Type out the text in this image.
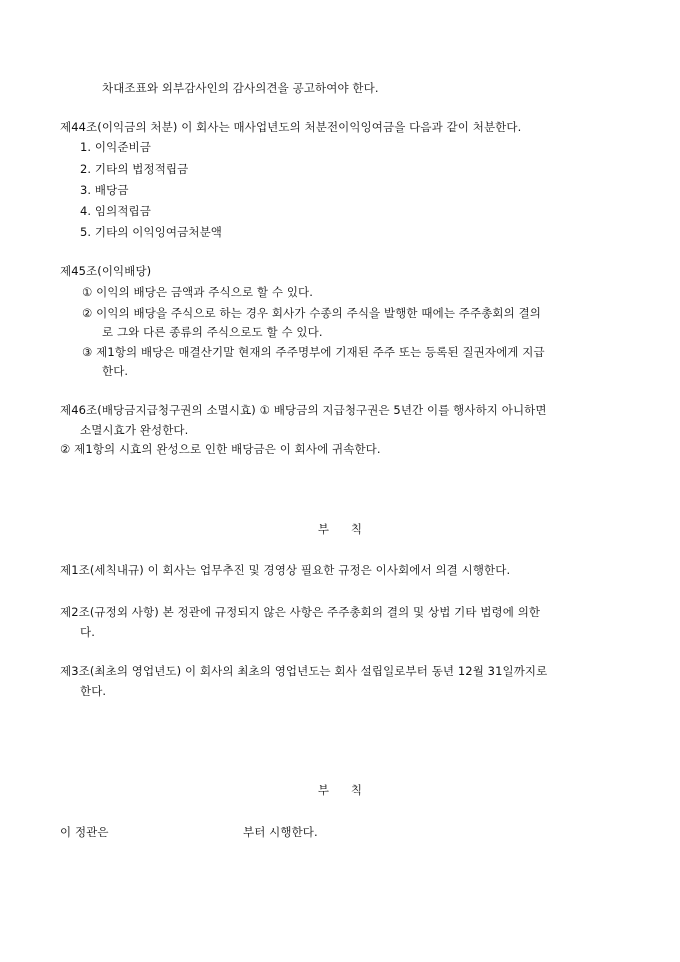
차대조표와 외부감사인의 감사의견을 공고하여야 한다.
제44조(이익금의 처분) 이 회사는 매사업년도의 처분전이익잉여금을 다음과 같이 처분한다.
1. 이익준비금
2. 기타의 법정적립금
3. 배당금
4. 임의적립금
5. 기타의 이익잉여금처분액
제45조(이익배당)
① 이익의 배당은 금액과 주식으로 할 수 있다.
② 이익의 배당을 주식으로 하는 경우 회사가 수종의 주식을 발행한 때에는 주주총회의 결의
로 그와 다른 종류의 주식으로도 할 수 있다.
③ 제1항의 배당은 매결산기말 현재의 주주명부에 기재된 주주 또는 등록된 질권자에게 지급
한다.
제46조(배당금지급청구권의 소멸시효) ① 배당금의 지급청구권은 5년간 이를 행사하지 아니하면
소멸시효가 완성한다.
② 제1항의 시효의 완성으로 인한 배당금은 이 회사에 귀속한다.
부 칙
제1조(세칙내규) 이 회사는 업무추진 및 경영상 필요한 규정은 이사회에서 의결 시행한다.
제2조(규정외 사항) 본 정관에 규정되지 않은 사항은 주주총회의 결의 및 상법 기타 법령에 의한
다.
제3조(최초의 영업년도) 이 회사의 최초의 영업년도는 회사 설립일로부터 동년 12월 31일까지로
한다.
부 칙
이 정관은	부터 시행한다.
